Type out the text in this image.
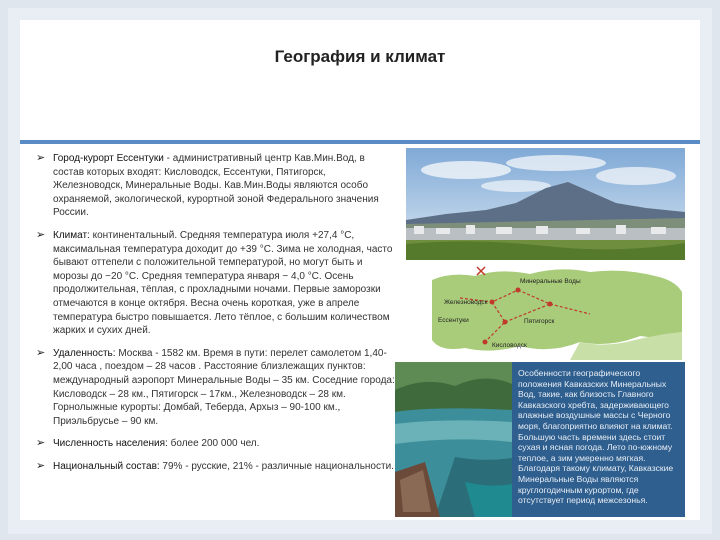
География и климат
➢ Город-курорт Ессентуки - административный центр Кав.Мин.Вод, в состав которых входят: Кисловодск, Ессентуки, Пятигорск, Железноводск, Минеральные Воды. Кав.Мин.Воды являются особо охраняемой, экологической, курортной зоной Федерального значения России.
➢ Климат: континентальный. Средняя температура июля +27,4 °С, максимальная температура доходит до +39 °С. Зима не холодная, часто бывают оттепели с положительной температурой, но могут быть и морозы до −20 °С. Средняя температура января − 4,0 °С. Осень продолжительная, тёплая, с прохладными ночами. Первые заморозки отмечаются в конце октября. Весна очень короткая, уже в апреле температура быстро повышается. Лето тёплое, с большим количеством жарких и сухих дней.
➢ Удаленность: Москва - 1582 км. Время в пути: перелет самолетом 1,40-2,00 часа , поездом – 28 часов . Расстояние близлежащих пунктов: международный аэропорт Минеральные Воды – 35 км. Соседние города: Кисловодск – 28 км., Пятигорск – 17км., Железноводск – 28 км. Горнолыжные курорты: Домбай, Теберда, Архыз – 90-100 км., Приэльбрусье – 90 км.
➢ Численность населения: более 200 000 чел.
➢ Национальный состав: 79% - русские, 21% - различные национальности.
Минеральные Воды
Железноводск
Ессентуки	Пятигорск
Кисловодск
Особенности географического положения Кавказских Минеральных Вод, такие, как близость Главного Кавказского хребта, задерживающего влажные воздушные массы с Черного моря, благоприятно влияют на климат. Большую часть времени здесь стоит сухая и ясная погода. Лето по-южному теплое, а зим умеренно мягкая. Благодаря такому климату, Кавказские Минеральные Воды являются круглогодичным курортом, где отсутствует период межсезонья.
